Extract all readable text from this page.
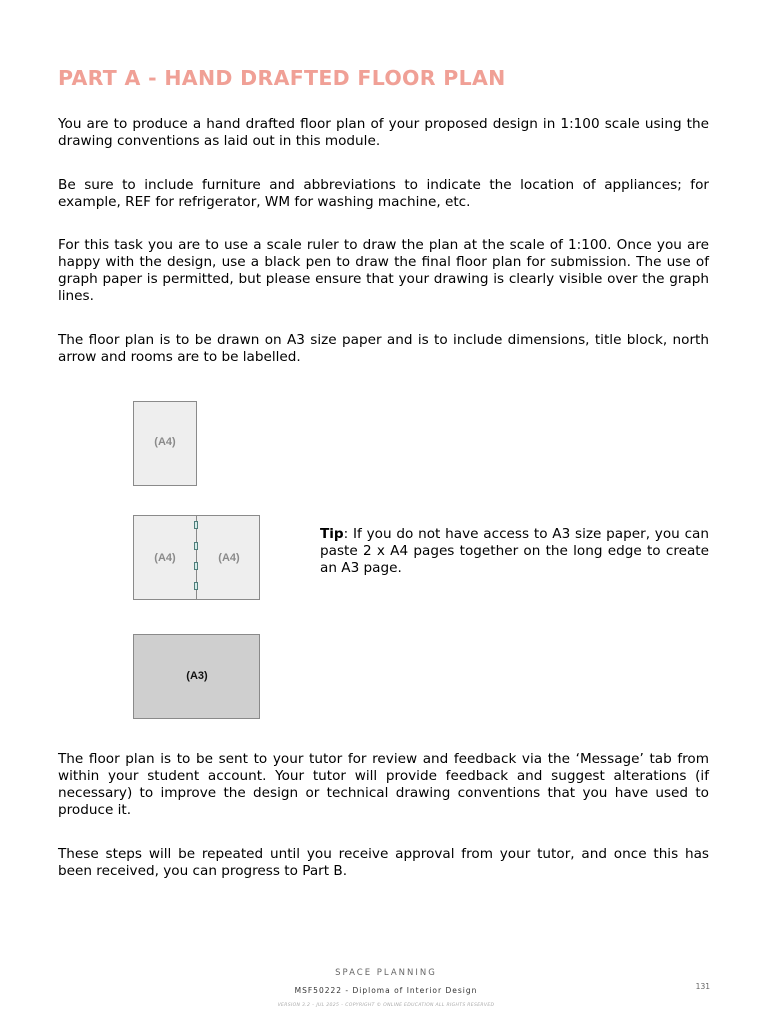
PART A - HAND DRAFTED FLOOR PLAN

You are to produce a hand drafted floor plan of your proposed design in 1:100 scale using the drawing conventions as laid out in this module.

Be sure to include furniture and abbreviations to indicate the location of appliances; for example, REF for refrigerator, WM for washing machine, etc.

For this task you are to use a scale ruler to draw the plan at the scale of 1:100. Once you are happy with the design, use a black pen to draw the final floor plan for submission. The use of graph paper is permitted, but please ensure that your drawing is clearly visible over the graph lines.

The floor plan is to be drawn on A3 size paper and is to include dimensions, title block, north arrow and rooms are to be labelled.

(A4)
(A4)	(A4)
(A3)

Tip: If you do not have access to A3 size paper, you can paste 2 x A4 pages together on the long edge to create an A3 page.

The floor plan is to be sent to your tutor for review and feedback via the ‘Message’ tab from within your student account. Your tutor will provide feedback and suggest alterations (if necessary) to improve the design or technical drawing conventions that you have used to produce it.

These steps will be repeated until you receive approval from your tutor, and once this has been received, you can progress to Part B.

SPACE PLANNING
MSF50222 - Diploma of Interior Design
VERSION 3.2 – JUL 2025 – COPYRIGHT © ONLINE EDUCATION ALL RIGHTS RESERVED
131
